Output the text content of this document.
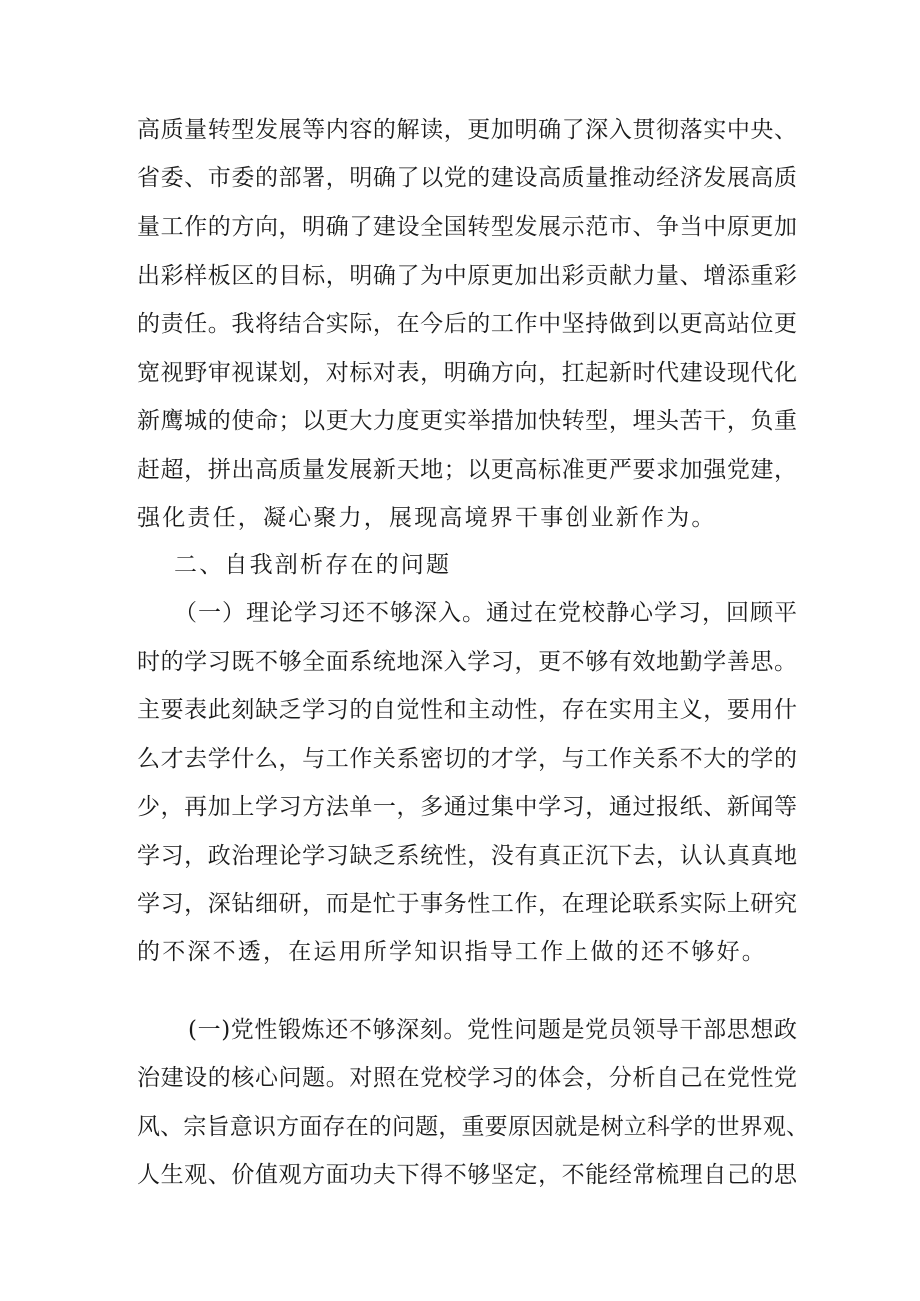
高质量转型发展等内容的解读，更加明确了深入贯彻落实中央、
省委、市委的部署，明确了以党的建设高质量推动经济发展高质
量工作的方向，明确了建设全国转型发展示范市、争当中原更加
出彩样板区的目标，明确了为中原更加出彩贡献力量、增添重彩
的责任。我将结合实际，在今后的工作中坚持做到以更高站位更
宽视野审视谋划，对标对表，明确方向，扛起新时代建设现代化
新鹰城的使命；以更大力度更实举措加快转型，埋头苦干，负重
赶超，拼出高质量发展新天地；以更高标准更严要求加强党建，
强化责任，凝心聚力，展现高境界干事创业新作为。
二、自我剖析存在的问题
（一）理论学习还不够深入。通过在党校静心学习，回顾平
时的学习既不够全面系统地深入学习，更不够有效地勤学善思。
主要表此刻缺乏学习的自觉性和主动性，存在实用主义，要用什
么才去学什么，与工作关系密切的才学，与工作关系不大的学的
少，再加上学习方法单一，多通过集中学习，通过报纸、新闻等
学习，政治理论学习缺乏系统性，没有真正沉下去，认认真真地
学习，深钻细研，而是忙于事务性工作，在理论联系实际上研究
的不深不透，在运用所学知识指导工作上做的还不够好。
(一)党性锻炼还不够深刻。党性问题是党员领导干部思想政
治建设的核心问题。对照在党校学习的体会，分析自己在党性党
风、宗旨意识方面存在的问题，重要原因就是树立科学的世界观、
人生观、价值观方面功夫下得不够坚定，不能经常梳理自己的思
